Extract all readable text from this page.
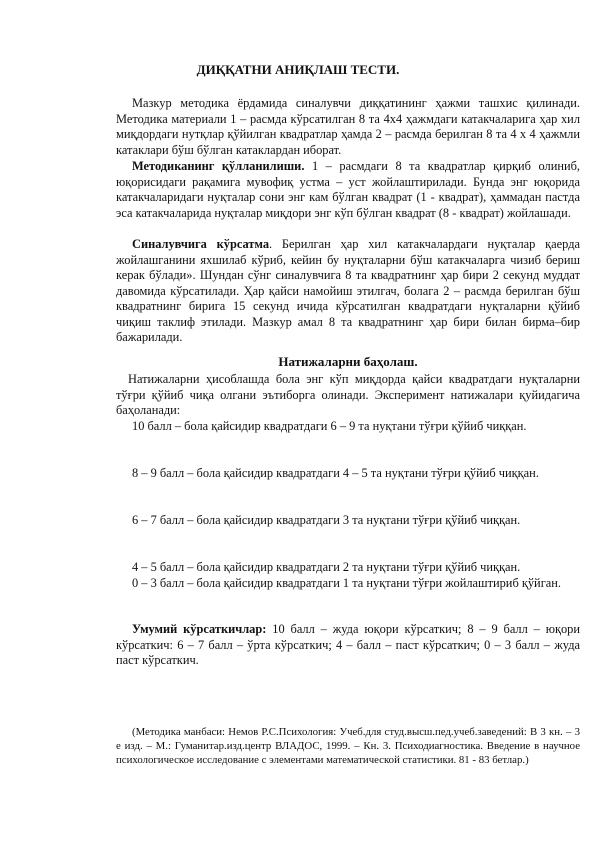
ДИҚҚАТНИ АНИҚЛАШ ТЕСТИ.

Мазкур методика ёрдамида синалувчи диққатининг ҳажми ташхис қилинади. Методика материали 1 – расмда кўрсатилган 8 та 4х4 ҳажмдаги катакчаларига ҳар хил миқдордаги нутқлар қўйилган квадратлар ҳамда 2 – расмда берилган 8 та 4 х 4 ҳажмли катаклари бўш бўлган катаклардан иборат.

Методиканинг қўлланилиши. 1 – расмдаги 8 та квадратлар қирқиб олиниб, юқорисидаги рақамига мувофиқ устма – уст жойлаштирилади. Бунда энг юқорида катакчаларидаги нуқталар сони энг кам бўлган квадрат (1 - квадрат), ҳаммадан пастда эса катакчаларида нуқталар миқдори энг кўп бўлган квадрат (8 - квадрат) жойлашади.

Синалувчига кўрсатма. Берилган ҳар хил катакчалардаги нуқталар қаерда жойлашганини яхшилаб кўриб, кейин бу нуқталарни бўш катакчаларга чизиб бериш керак бўлади». Шундан сўнг синалувчига 8 та квадратнинг ҳар бири 2 секунд муддат давомида кўрсатилади. Ҳар қайси намойиш этилгач, болага 2 – расмда берилган бўш квадратнинг бирига 15 секунд ичида кўрсатилган квадратдаги нуқталарни қўйиб чиқиш таклиф этилади. Мазкур амал 8 та квадратнинг ҳар бири билан бирма–бир бажарилади.

Натижаларни баҳолаш.

Натижаларни ҳисоблашда бола энг кўп миқдорда қайси квадратдаги нуқталарни тўғри қўйиб чиқа олгани эътиборга олинади. Эксперимент натижалари қуйидагича баҳоланади:

10 балл – бола қайсидир квадратдаги 6 – 9 та нуқтани тўғри қўйиб чиққан.

8 – 9 балл – бола қайсидир квадратдаги 4 – 5 та нуқтани тўғри қўйиб чиққан.

6 – 7 балл – бола қайсидир квадратдаги 3 та нуқтани тўғри қўйиб чиққан.

4 – 5 балл – бола қайсидир квадратдаги 2 та нуқтани тўғри қўйиб чиққан.

0 – 3 балл – бола қайсидир квадратдаги 1 та нуқтани тўғри жойлаштириб қўйган.

Умумий кўрсаткичлар: 10 балл – жуда юқори кўрсаткич; 8 – 9 балл – юқори кўрсаткич: 6 – 7 балл – ўрта кўрсаткич; 4 – балл – паст кўрсаткич; 0 – 3 балл – жуда паст кўрсаткич.

(Методика манбаси: Немов Р.С.Психология: Учеб.для студ.высш.пед.учеб.заведений: В 3 кн. – 3 е изд. – М.: Гуманитар.изд.центр ВЛАДОС, 1999. – Кн. 3. Психодиагностика. Введение в научное психологическое исследование с элементами математической статистики. 81 - 83 бетлар.)
